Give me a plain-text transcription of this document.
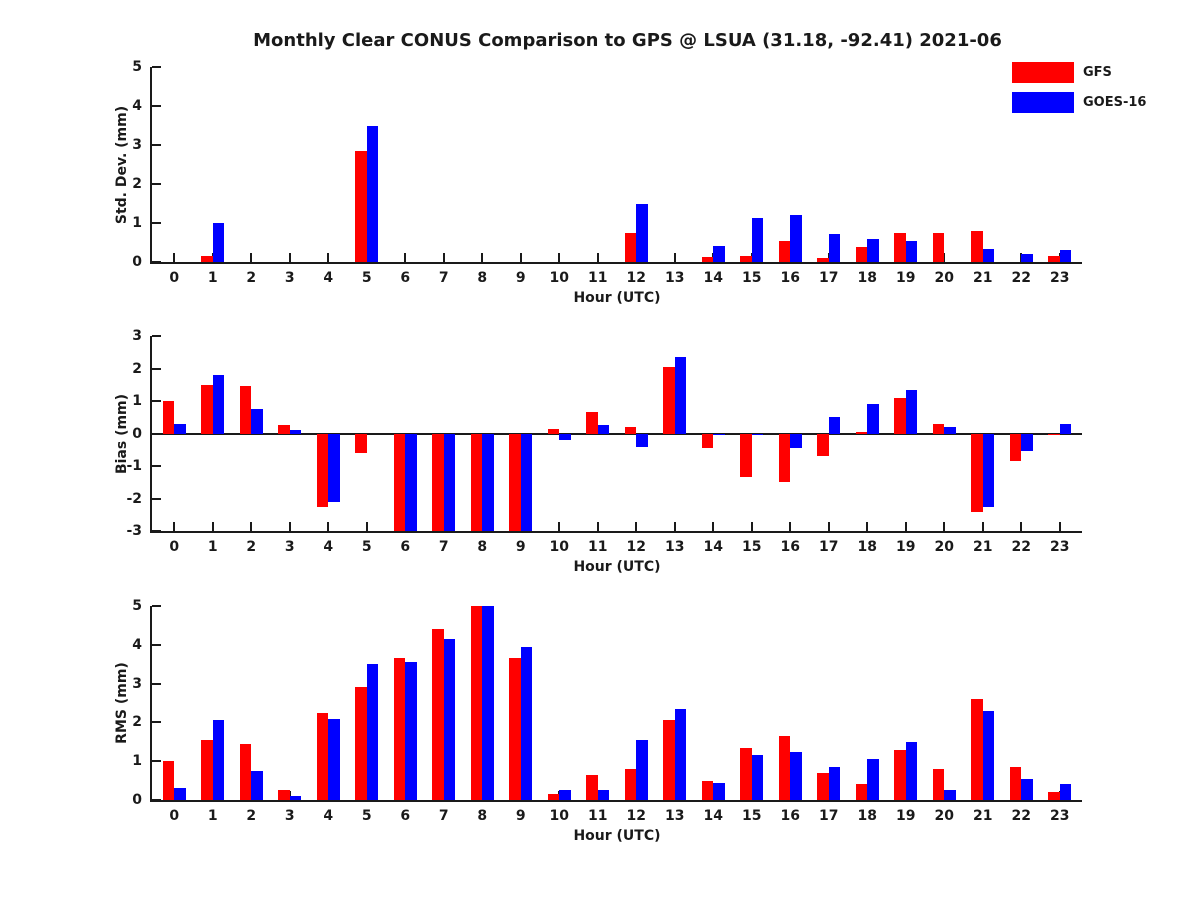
Monthly Clear CONUS Comparison to GPS @ LSUA (31.18, -92.41) 2021-06
GFS
GOES-16
0
1
2
3
4
5
0 1 2 3 4 5 6 7 8 9 10 11 12 13 14 15 16 17 18 19 20 21 22 23
Hour (UTC)
Std. Dev. (mm)
-3
-2
-1
0
1
2
3
0 1 2 3 4 5 6 7 8 9 10 11 12 13 14 15 16 17 18 19 20 21 22 23
Hour (UTC)
Bias (mm)
0
1
2
3
4
5
0 1 2 3 4 5 6 7 8 9 10 11 12 13 14 15 16 17 18 19 20 21 22 23
Hour (UTC)
RMS (mm)
